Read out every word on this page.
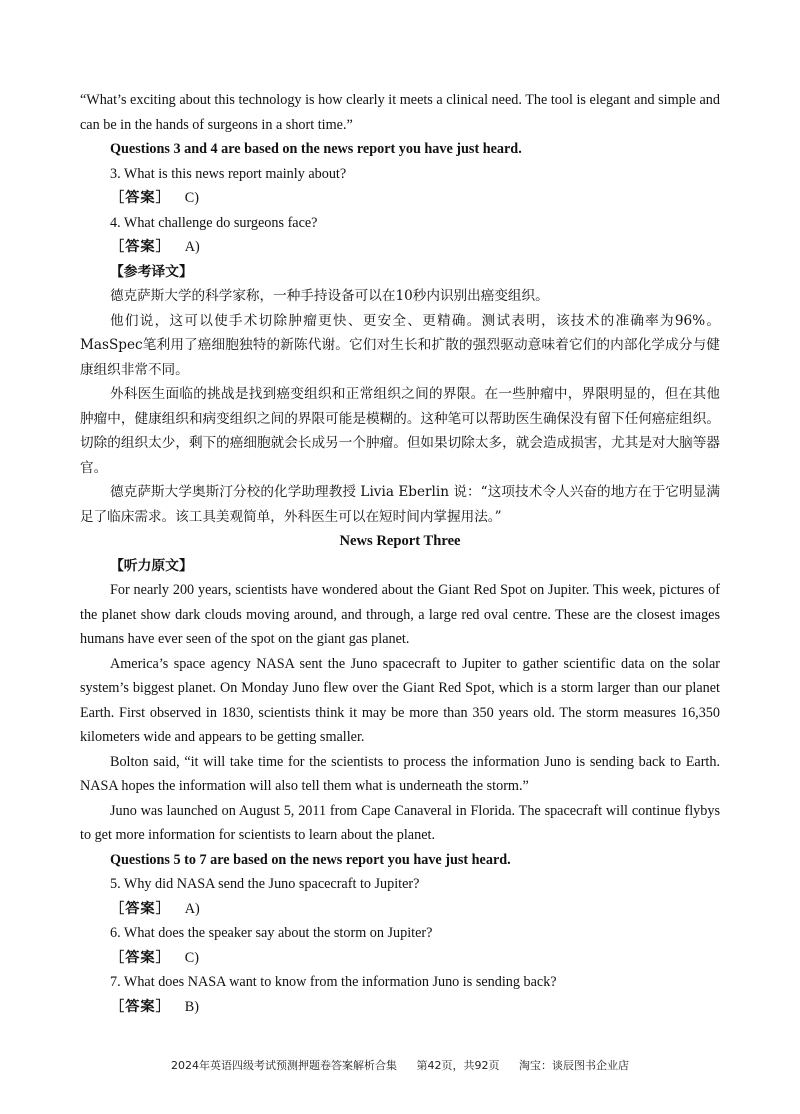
“What’s exciting about this technology is how clearly it meets a clinical need. The tool is elegant and simple and can be in the hands of surgeons in a short time.”

Questions 3 and 4 are based on the news report you have just heard.

3. What is this news report mainly about?

［答案］ C)

4. What challenge do surgeons face?

［答案］ A)

【参考译文】

德克萨斯大学的科学家称，一种手持设备可以在10秒内识别出癌变组织。

他们说，这可以使手术切除肿瘤更快、更安全、更精确。测试表明，该技术的准确率为96%。MasSpec笔利用了癌细胞独特的新陈代谢。它们对生长和扩散的强烈驱动意味着它们的内部化学成分与健康组织非常不同。

外科医生面临的挑战是找到癌变组织和正常组织之间的界限。在一些肿瘤中，界限明显的，但在其他肿瘤中，健康组织和病变组织之间的界限可能是模糊的。这种笔可以帮助医生确保没有留下任何癌症组织。切除的组织太少，剩下的癌细胞就会长成另一个肿瘤。但如果切除太多，就会造成损害，尤其是对大脑等器官。

德克萨斯大学奥斯汀分校的化学助理教授 Livia Eberlin 说：“这项技术令人兴奋的地方在于它明显满足了临床需求。该工具美观简单，外科医生可以在短时间内掌握用法。”

News Report Three

【听力原文】

For nearly 200 years, scientists have wondered about the Giant Red Spot on Jupiter. This week, pictures of the planet show dark clouds moving around, and through, a large red oval centre. These are the closest images humans have ever seen of the spot on the giant gas planet.

America’s space agency NASA sent the Juno spacecraft to Jupiter to gather scientific data on the solar system’s biggest planet. On Monday Juno flew over the Giant Red Spot, which is a storm larger than our planet Earth. First observed in 1830, scientists think it may be more than 350 years old. The storm measures 16,350 kilometers wide and appears to be getting smaller.

Bolton said, “it will take time for the scientists to process the information Juno is sending back to Earth. NASA hopes the information will also tell them what is underneath the storm.”

Juno was launched on August 5, 2011 from Cape Canaveral in Florida. The spacecraft will continue flybys to get more information for scientists to learn about the planet.

Questions 5 to 7 are based on the news report you have just heard.

5. Why did NASA send the Juno spacecraft to Jupiter?

［答案］ A)

6. What does the speaker say about the storm on Jupiter?

［答案］ C)

7. What does NASA want to know from the information Juno is sending back?

［答案］ B)

2024年英语四级考试预测押题卷答案解析合集 第42页，共92页 淘宝：谈辰图书企业店
